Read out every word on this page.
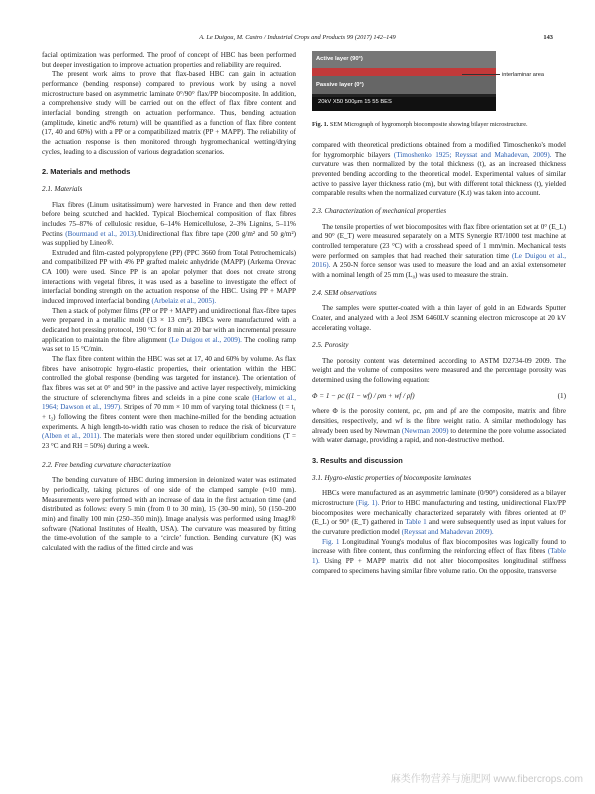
A. Le Duigou, M. Castro / Industrial Crops and Products 99 (2017) 142–149	143

facial optimization was performed. The proof of concept of HBC has been performed but deeper investigation to improve actuation properties and reliability are required.

The present work aims to prove that flax-based HBC can gain in actuation performance (bending response) compared to previous work by using a novel microstructure based on asymmetric laminate 0°/90° flax/PP biocomposite. In addition, a comprehensive study will be carried out on the effect of flax fibre content and interfacial bonding strength on actuation performance. Thus, bending actuation (amplitude, kinetic and% return) will be quantified as a function of flax fibre content (17, 40 and 60%) with a PP or a compatibilized matrix (PP + MAPP). The reliability of the actuation response is then monitored through hygromechanical wetting/drying cycles, leading to a discussion of various degradation scenarios.

2. Materials and methods
2.1. Materials

Flax fibres (Linum usitatissimum) were harvested in France and then dew retted before being scutched and hackled. Typical Biochemical composition of flax fibres includes 75–87% of cellulosic residue, 6–14% Hemicellulose, 2–3% Lignins, 5–11% Pectins (Bourmaud et al., 2013).Unidirectional flax fibre tape (200 g/m² and 50 g/m²) was supplied by Lineo®.

Extruded and film-casted polypropylene (PP) (PPC 3660 from Total Petrochemicals) and compatibilized PP with 4% PP grafted maleic anhydride (MAPP) (Arkema Orevac CA 100) were used. Since PP is an apolar polymer that does not create strong interactions with vegetal fibres, it was used as a baseline to investigate the effect of interfacial bonding strength on the actuation response of the HBC. Using PP + MAPP induced improved interfacial bonding (Arbelaiz et al., 2005).

Then a stack of polymer films (PP or PP + MAPP) and unidirectional flax-fibre tapes were prepared in a metallic mold (13 × 13 cm²). HBCs were manufactured with a dedicated hot pressing protocol, 190 °C for 8 min at 20 bar with an incremental pressure application to maintain the fibre alignment (Le Duigou et al., 2009). The cooling ramp was set to 15 °C/min.

The flax fibre content within the HBC was set at 17, 40 and 60% by volume. As flax fibres have anisotropic hygro-elastic properties, their orientation within the HBC controlled the global response (bending was targeted for instance). The orientation of flax fibres was set at 0° and 90° in the passive and active layer respectively, mimicking the structure of sclerenchyma fibres and scleids in a pine cone scale (Harlow et al., 1964; Dawson et al., 1997). Stripes of 70 mm × 10 mm of varying total thickness (t = t₁ + t₂) following the fibres content were then machine-milled for the bending actuation experiments. A high length-to-width ratio was chosen to reduce the risk of bicurvature (Alben et al., 2011). The materials were then stored under equilibrium conditions (T = 23 °C and RH = 50%) during a week.

2.2. Free bending curvature characterization

The bending curvature of HBC during immersion in deionized water was estimated by periodically, taking pictures of one side of the clamped sample (≈10 mm). Measurements were performed with an increase of data in the first actuation time (and distributed as follows: every 5 min (from 0 to 30 min), 15 (30–90 min), 50 (150–200 min) and finally 100 min (250–350 min)). Image analysis was performed using ImagJ® software (National Institutes of Health, USA). The curvature was measured by fitting the time-evolution of the sample to a ‘circle’ function. Bending curvature (K) was calculated with the radius of the fitted circle and was

Active layer (90°)
Passive layer (0°)
20kV X50 500μm 15 55 BES
interlaminar area
Fig. 1. SEM Micrograph of hygromorph biocomposite showing bilayer microstructure.

compared with theoretical predictions obtained from a modified Timoschenko's model for hygromorphic bilayers (Timoshenko 1925; Reyssat and Mahadevan, 2009). The curvature was then normalized by the total thickness (t), as an increased thickness prevented bending according to the theoretical model. Experimental values of similar active to passive layer thickness ratio (m), but with different total thickness (t), yielded comparable results when the normalized curvature (K.t) was taken into account.

2.3. Characterization of mechanical properties

The tensile properties of wet biocomposites with flax fibre orientation set at 0° (E_L) and 90° (E_T) were measured separately on a MTS Synergie RT/1000 test machine at controlled temperature (23 °C) with a crosshead speed of 1 mm/min. Mechanical tests were performed on samples that had reached their saturation time (Le Duigou et al., 2016). A 250-N force sensor was used to measure the load and an axial extensometer with a nominal length of 25 mm (L₀) was used to measure the strain.

2.4. SEM observations

The samples were sputter-coated with a thin layer of gold in an Edwards Sputter Coater, and analyzed with a Jeol JSM 6460LV scanning electron microscope at 20 kV accelerating voltage.

2.5. Porosity

The porosity content was determined according to ASTM D2734-09 2009. The weight and the volume of composites were measured and the percentage porosity was determined using the following equation:

Φ = 1 − ρc ((1 − wf) / ρm + wf / ρf)	(1)

where Φ is the porosity content, ρc, ρm and ρf are the composite, matrix and fibre densities, respectively, and wf is the fibre weight ratio. A similar methodology has already been used by Newman (Newman 2009) to determine the pore volume associated with water damage, providing a rapid, and non-destructive method.

3. Results and discussion
3.1. Hygro-elastic properties of biocomposite laminates

HBCs were manufactured as an asymmetric laminate (0/90°) considered as a bilayer microstructure (Fig. 1). Prior to HBC manufacturing and testing, unidirectional Flax/PP biocomposites were mechanically characterized separately with fibres oriented at 0°(E_L) or 90° (E_T) gathered in Table 1 and were subsequently used as input values for the curvature prediction model (Reyssat and Mahadevan 2009).

Fig. 1 Longitudinal Young's modulus of flax biocomposites was logically found to increase with fibre content, thus confirming the reinforcing effect of flax fibres (Table 1). Using PP + MAPP matrix did not alter biocomposites longitudinal stiffness compared to specimens having similar fibre volume ratio. On the opposite, transverse

麻类作物营养与施肥网 www.fibercrops.com
